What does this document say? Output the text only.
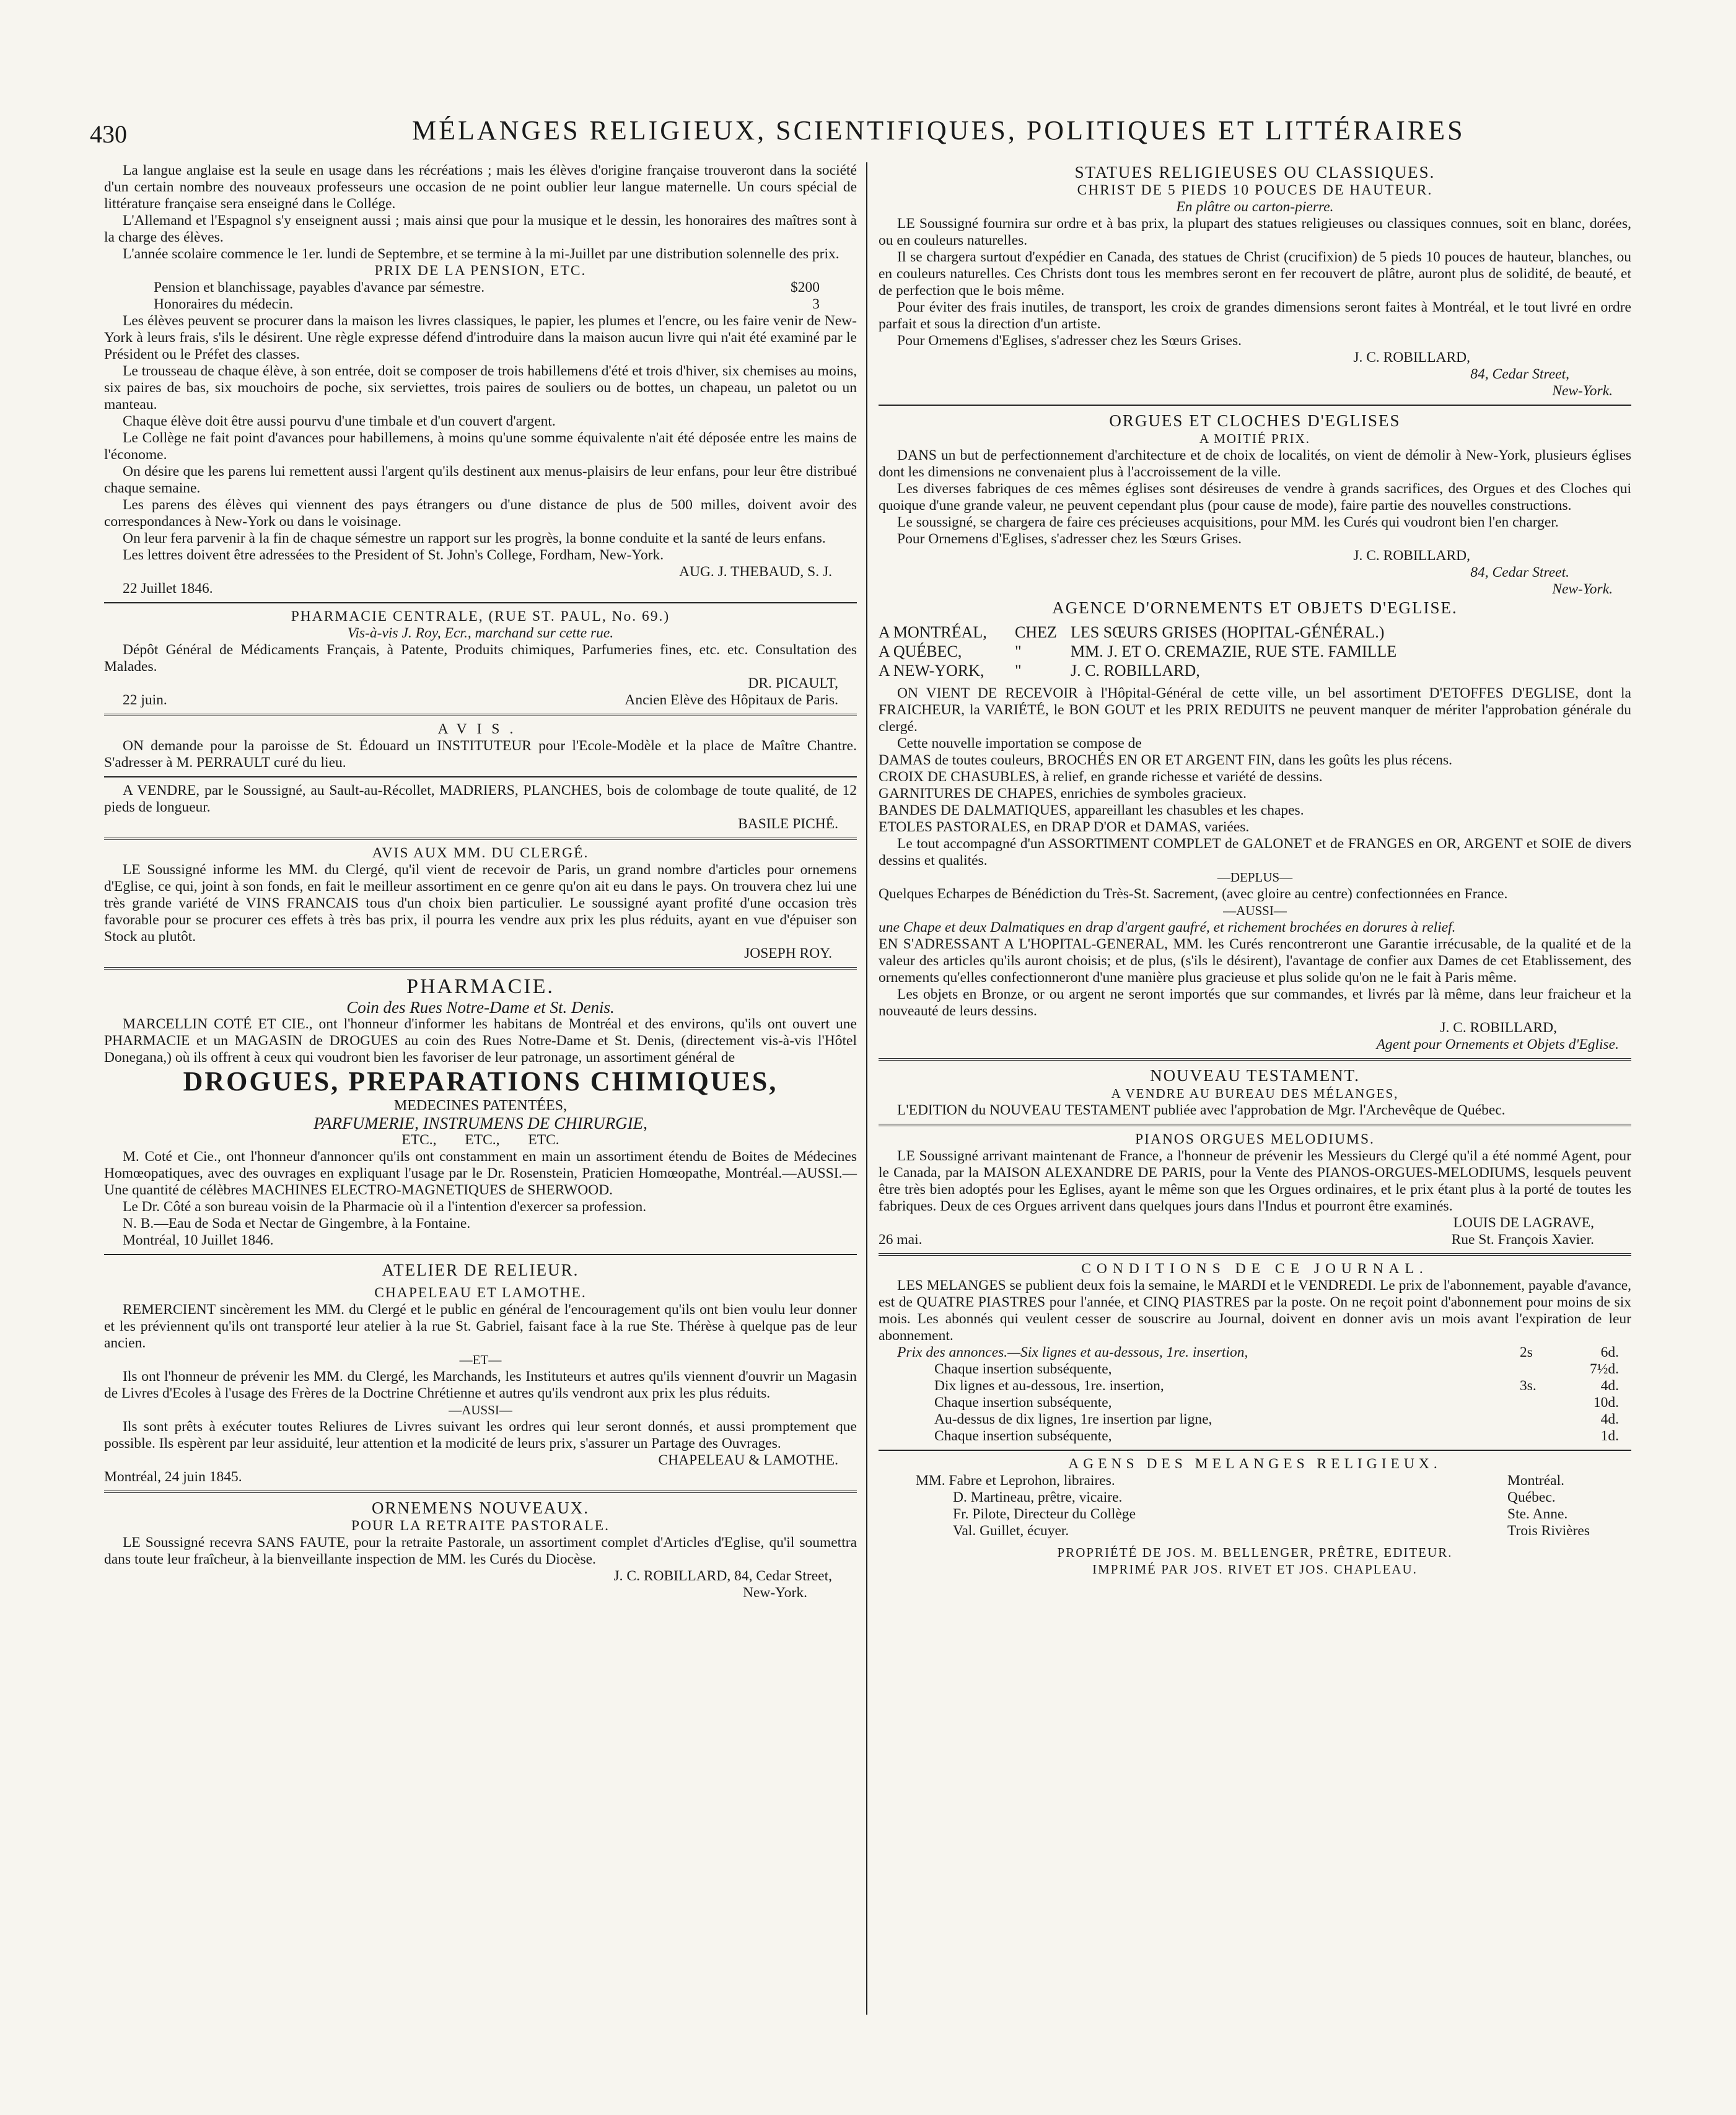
430	MÉLANGES RELIGIEUX, SCIENTIFIQUES, POLITIQUES ET LITTÉRAIRES

La langue anglaise est la seule en usage dans les récréations ; mais les élèves d'origine française trouveront dans la société d'un certain nombre des nouveaux professeurs une occasion de ne point oublier leur langue maternelle. Un cours spécial de littérature française sera enseigné dans le Collége.

L'Allemand et l'Espagnol s'y enseignent aussi ; mais ainsi que pour la musique et le dessin, les honoraires des maîtres sont à la charge des élèves.

L'année scolaire commence le 1er. lundi de Septembre, et se termine à la mi-Juillet par une distribution solennelle des prix.

PRIX DE LA PENSION, ETC.

Pension et blanchissage, payables d'avance par sémestre.	$200
Honoraires du médecin.	3

Les élèves peuvent se procurer dans la maison les livres classiques, le papier, les plumes et l'encre, ou les faire venir de New-York à leurs frais, s'ils le désirent. Une règle expresse défend d'introduire dans la maison aucun livre qui n'ait été examiné par le Président ou le Préfet des classes.

Le trousseau de chaque élève, à son entrée, doit se composer de trois habillemens d'été et trois d'hiver, six chemises au moins, six paires de bas, six mouchoirs de poche, six serviettes, trois paires de souliers ou de bottes, un chapeau, un paletot ou un manteau.

Chaque élève doit être aussi pourvu d'une timbale et d'un couvert d'argent.

Le Collège ne fait point d'avances pour habillemens, à moins qu'une somme équivalente n'ait été déposée entre les mains de l'économe.

On désire que les parens lui remettent aussi l'argent qu'ils destinent aux menus-plaisirs de leur enfans, pour leur être distribué chaque semaine.

Les parens des élèves qui viennent des pays étrangers ou d'une distance de plus de 500 milles, doivent avoir des correspondances à New-York ou dans le voisinage.

On leur fera parvenir à la fin de chaque sémestre un rapport sur les progrès, la bonne conduite et la santé de leurs enfans.

Les lettres doivent être adressées to the President of St. John's College, Fordham, New-York.

AUG. J. THEBAUD, S. J.

22 Juillet 1846.

PHARMACIE CENTRALE, (RUE ST. PAUL, No. 69.)

Vis-à-vis J. Roy, Ecr., marchand sur cette rue.

Dépôt Général de Médicaments Français, à Patente, Produits chimiques, Parfumeries fines, etc. etc. Consultation des Malades.

DR. PICAULT,

22 juin.	Ancien Elève des Hôpitaux de Paris.

AVIS.

ON demande pour la paroisse de St. Édouard un INSTITUTEUR pour l'Ecole-Modèle et la place de Maître Chantre. S'adresser à M. PERRAULT curé du lieu.

A VENDRE, par le Soussigné, au Sault-au-Récollet, MADRIERS, PLANCHES, bois de colombage de toute qualité, de 12 pieds de longueur.

BASILE PICHÉ.

AVIS AUX MM. DU CLERGÉ.

LE Soussigné informe les MM. du Clergé, qu'il vient de recevoir de Paris, un grand nombre d'articles pour ornemens d'Eglise, ce qui, joint à son fonds, en fait le meilleur assortiment en ce genre qu'on ait eu dans le pays. On trouvera chez lui une très grande variété de VINS FRANCAIS tous d'un choix bien particulier. Le soussigné ayant profité d'une occasion très favorable pour se procurer ces effets à très bas prix, il pourra les vendre aux prix les plus réduits, ayant en vue d'épuiser son Stock au plutôt.

JOSEPH ROY.

PHARMACIE.

Coin des Rues Notre-Dame et St. Denis.

MARCELLIN COTÉ ET CIE., ont l'honneur d'informer les habitans de Montréal et des environs, qu'ils ont ouvert une PHARMACIE et un MAGASIN de DROGUES au coin des Rues Notre-Dame et St. Denis, (directement vis-à-vis l'Hôtel Donegana,) où ils offrent à ceux qui voudront bien les favoriser de leur patronage, un assortiment général de

DROGUES, PREPARATIONS CHIMIQUES,

MEDECINES PATENTÉES,

PARFUMERIE, INSTRUMENS DE CHIRURGIE,

ETC., ETC., ETC.

M. Coté et Cie., ont l'honneur d'annoncer qu'ils ont constamment en main un assortiment étendu de Boites de Médecines Homœopatiques, avec des ouvrages en expliquant l'usage par le Dr. Rosenstein, Praticien Homœopathe, Montréal.—AUSSI.—Une quantité de célèbres MACHINES ELECTRO-MAGNETIQUES de SHERWOOD.

Le Dr. Côté a son bureau voisin de la Pharmacie où il a l'intention d'exercer sa profession.

N. B.—Eau de Soda et Nectar de Gingembre, à la Fontaine.

Montréal, 10 Juillet 1846.

ATELIER DE RELIEUR.

CHAPELEAU ET LAMOTHE.

REMERCIENT sincèrement les MM. du Clergé et le public en général de l'encouragement qu'ils ont bien voulu leur donner et les préviennent qu'ils ont transporté leur atelier à la rue St. Gabriel, faisant face à la rue Ste. Thérèse à quelque pas de leur ancien.

—ET—

Ils ont l'honneur de prévenir les MM. du Clergé, les Marchands, les Instituteurs et autres qu'ils viennent d'ouvrir un Magasin de Livres d'Ecoles à l'usage des Frères de la Doctrine Chrétienne et autres qu'ils vendront aux prix les plus réduits.

—AUSSI—

Ils sont prêts à exécuter toutes Reliures de Livres suivant les ordres qui leur seront donnés, et aussi promptement que possible. Ils espèrent par leur assiduité, leur attention et la modicité de leurs prix, s'assurer un Partage des Ouvrages.

CHAPELEAU & LAMOTHE.

Montréal, 24 juin 1845.

ORNEMENS NOUVEAUX.

POUR LA RETRAITE PASTORALE.

LE Soussigné recevra SANS FAUTE, pour la retraite Pastorale, un assortiment complet d'Articles d'Eglise, qu'il soumettra dans toute leur fraîcheur, à la bienveillante inspection de MM. les Curés du Diocèse.

J. C. ROBILLARD, 84, Cedar Street,

New-York.

STATUES RELIGIEUSES OU CLASSIQUES.

CHRIST DE 5 PIEDS 10 POUCES DE HAUTEUR.

En plâtre ou carton-pierre.

LE Soussigné fournira sur ordre et à bas prix, la plupart des statues religieuses ou classiques connues, soit en blanc, dorées, ou en couleurs naturelles.

Il se chargera surtout d'expédier en Canada, des statues de Christ (crucifixion) de 5 pieds 10 pouces de hauteur, blanches, ou en couleurs naturelles. Ces Christs dont tous les membres seront en fer recouvert de plâtre, auront plus de solidité, de beauté, et de perfection que le bois même.

Pour éviter des frais inutiles, de transport, les croix de grandes dimensions seront faites à Montréal, et le tout livré en ordre parfait et sous la direction d'un artiste.

Pour Ornemens d'Eglises, s'adresser chez les Sœurs Grises.

J. C. ROBILLARD,

84, Cedar Street,

New-York.

ORGUES ET CLOCHES D'EGLISES

A MOITIÉ PRIX.

DANS un but de perfectionnement d'architecture et de choix de localités, on vient de démolir à New-York, plusieurs églises dont les dimensions ne convenaient plus à l'accroissement de la ville.

Les diverses fabriques de ces mêmes églises sont désireuses de vendre à grands sacrifices, des Orgues et des Cloches qui quoique d'une grande valeur, ne peuvent cependant plus (pour cause de mode), faire partie des nouvelles constructions.

Le soussigné, se chargera de faire ces précieuses acquisitions, pour MM. les Curés qui voudront bien l'en charger.

Pour Ornemens d'Eglises, s'adresser chez les Sœurs Grises.

J. C. ROBILLARD,

84, Cedar Street.

New-York.

AGENCE D'ORNEMENTS ET OBJETS D'EGLISE.

A MONTRÉAL,	CHEZ LES SŒURS GRISES (HOPITAL-GÉNÉRAL.)
A QUÉBEC,	"	MM. J. ET O. CREMAZIE, RUE STE. FAMILLE
A NEW-YORK,	"	J. C. ROBILLARD,

ON VIENT DE RECEVOIR à l'Hôpital-Général de cette ville, un bel assortiment D'ETOFFES D'EGLISE, dont la FRAICHEUR, la VARIÉTÉ, le BON GOUT et les PRIX REDUITS ne peuvent manquer de mériter l'approbation générale du clergé.

Cette nouvelle importation se compose de

DAMAS de toutes couleurs, BROCHÉS EN OR ET ARGENT FIN, dans les goûts les plus récens.

CROIX DE CHASUBLES, à relief, en grande richesse et variété de dessins.

GARNITURES DE CHAPES, enrichies de symboles gracieux.

BANDES DE DALMATIQUES, appareillant les chasubles et les chapes.

ETOLES PASTORALES, en DRAP D'OR et DAMAS, variées.

Le tout accompagné d'un ASSORTIMENT COMPLET de GALONET et de FRANGES en OR, ARGENT et SOIE de divers dessins et qualités.

—DEPLUS—

Quelques Echarpes de Bénédiction du Très-St. Sacrement, (avec gloire au centre) confectionnées en France.

—AUSSI—

une Chape et deux Dalmatiques en drap d'argent gaufré, et richement brochées en dorures à relief.

EN S'ADRESSANT A L'HOPITAL-GENERAL, MM. les Curés rencontreront une Garantie irrécusable, de la qualité et de la valeur des articles qu'ils auront choisis; et de plus, (s'ils le désirent), l'avantage de confier aux Dames de cet Etablissement, des ornements qu'elles confectionneront d'une manière plus gracieuse et plus solide qu'on ne le fait à Paris même.

Les objets en Bronze, or ou argent ne seront importés que sur commandes, et livrés par là même, dans leur fraicheur et la nouveauté de leurs dessins.

J. C. ROBILLARD,

Agent pour Ornements et Objets d'Eglise.

NOUVEAU TESTAMENT.

A VENDRE AU BUREAU DES MÉLANGES,

L'EDITION du NOUVEAU TESTAMENT publiée avec l'approbation de Mgr. l'Archevêque de Québec.

PIANOS ORGUES MELODIUMS.

LE Soussigné arrivant maintenant de France, a l'honneur de prévenir les Messieurs du Clergé qu'il a été nommé Agent, pour le Canada, par la MAISON ALEXANDRE DE PARIS, pour la Vente des PIANOS-ORGUES-MELODIUMS, lesquels peuvent être très bien adoptés pour les Eglises, ayant le même son que les Orgues ordinaires, et le prix étant plus à la porté de toutes les fabriques. Deux de ces Orgues arrivent dans quelques jours dans l'Indus et pourront être examinés.

LOUIS DE LAGRAVE,

26 mai.	Rue St. François Xavier.

CONDITIONS DE CE JOURNAL.

LES MELANGES se publient deux fois la semaine, le MARDI et le VENDREDI. Le prix de l'abonnement, payable d'avance, est de QUATRE PIASTRES pour l'année, et CINQ PIASTRES par la poste. On ne reçoit point d'abonnement pour moins de six mois. Les abonnés qui veulent cesser de souscrire au Journal, doivent en donner avis un mois avant l'expiration de leur abonnement.

Prix des annonces.—Six lignes et au-dessous, 1re. insertion,	2s	6d.
Chaque insertion subséquente,	7½d.
Dix lignes et au-dessous, 1re. insertion,	3s.	4d.
Chaque insertion subséquente,	10d.
Au-dessus de dix lignes, 1re insertion par ligne,	4d.
Chaque insertion subséquente,	1d.

AGENS DES MELANGES RELIGIEUX.

MM. Fabre et Leprohon, libraires.	Montréal.
D. Martineau, prêtre, vicaire.	Québec.
Fr. Pilote, Directeur du Collège	Ste. Anne.
Val. Guillet, écuyer.	Trois Rivières

PROPRIÉTÉ DE JOS. M. BELLENGER, PRÊTRE, EDITEUR.

IMPRIMÉ PAR JOS. RIVET ET JOS. CHAPLEAU.
